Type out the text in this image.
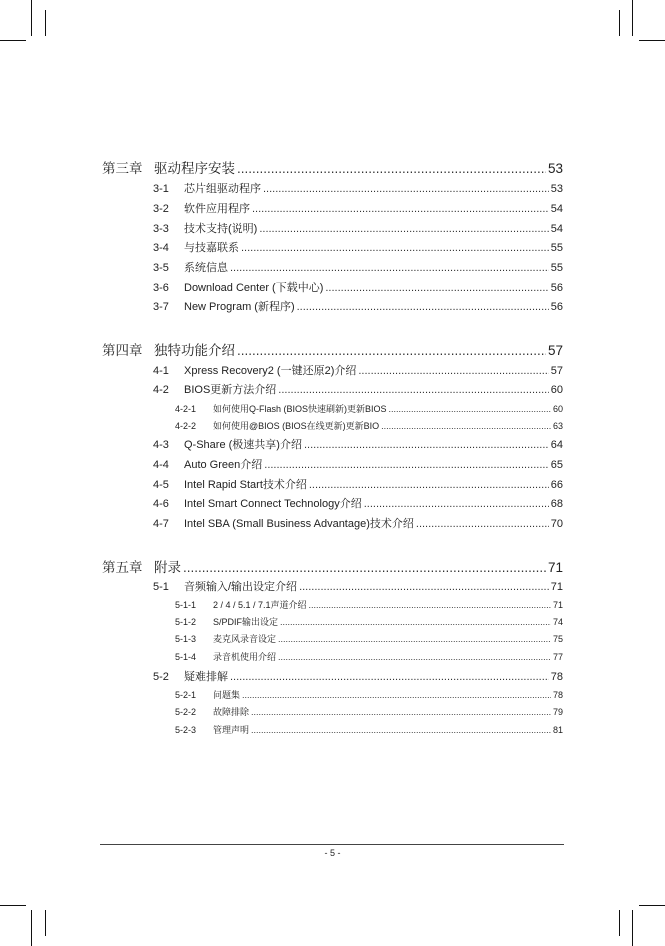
第三章 驱动程序安装 .....	53
3-1	芯片组驱动程序 .....	53
3-2	软件应用程序 .....	54
3-3	技术支持(说明) .....	54
3-4	与技嘉联系 .....	55
3-5	系统信息 .....	55
3-6	Download Center (下载中心) .....	56
3-7	New Program (新程序) .....	56
第四章 独特功能介绍 .....	57
4-1	Xpress Recovery2 (一键还原2)介绍 .....	57
4-2	BIOS更新方法介绍 .....	60
4-2-1	如何使用Q-Flash (BIOS快速刷新)更新BIOS .....	60
4-2-2	如何使用@BIOS (BIOS在线更新)更新BIO .....	63
4-3	Q-Share (极速共享)介绍 .....	64
4-4	Auto Green介绍 .....	65
4-5	Intel Rapid Start技术介绍 .....	66
4-6	Intel Smart Connect Technology介绍 .....	68
4-7	Intel SBA (Small Business Advantage)技术介绍 .....	70
第五章 附录 .....	71
5-1	音频输入/输出设定介绍 .....	71
5-1-1	2 / 4 / 5.1 / 7.1声道介绍 .....	71
5-1-2	S/PDIF输出设定 .....	74
5-1-3	麦克风录音设定 .....	75
5-1-4	录音机使用介绍 .....	77
5-2	疑难排解 .....	78
5-2-1	问题集 .....	78
5-2-2	故障排除 .....	79
5-2-3	管理声明 .....	81
- 5 -
